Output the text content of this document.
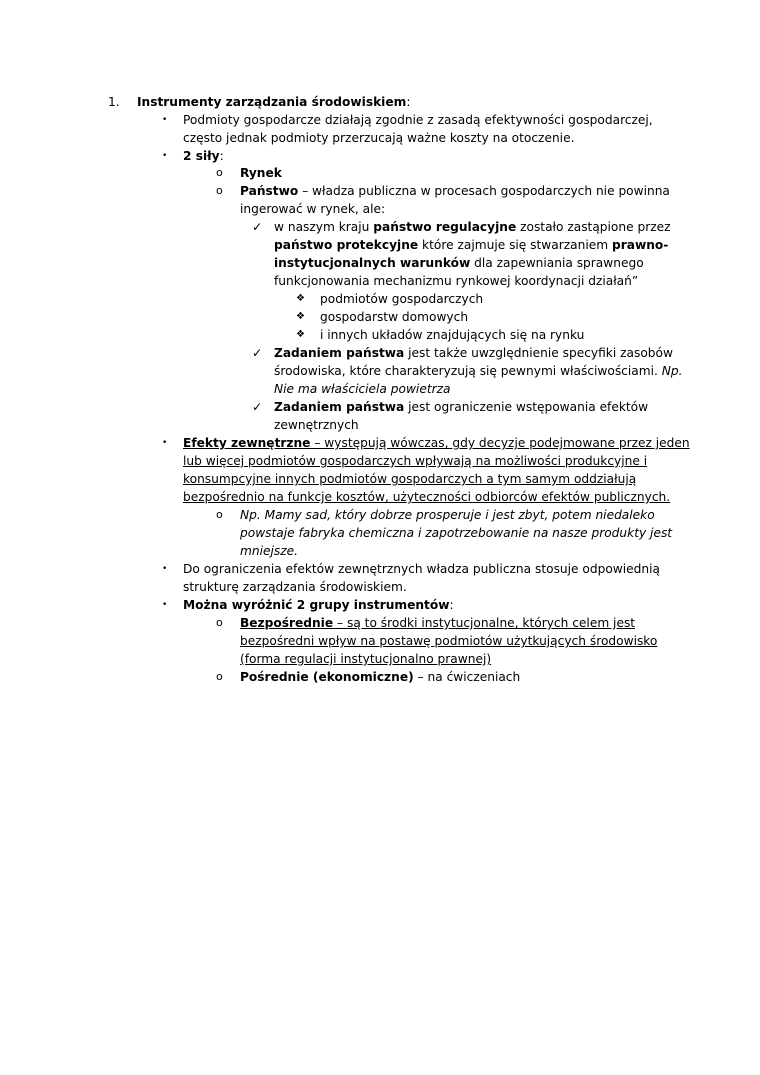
1. Instrumenty zarządzania środowiskiem:
• Podmioty gospodarcze działają zgodnie z zasadą efektywności gospodarczej,
często jednak podmioty przerzucają ważne koszty na otoczenie.
• 2 siły:
o Rynek
o Państwo – władza publiczna w procesach gospodarczych nie powinna
ingerować w rynek, ale:
✓ w naszym kraju państwo regulacyjne zostało zastąpione przez
państwo protekcyjne które zajmuje się stwarzaniem prawno-
instytucjonalnych warunków dla zapewniania sprawnego
funkcjonowania mechanizmu rynkowej koordynacji działań”
❖ podmiotów gospodarczych
❖ gospodarstw domowych
❖ i innych układów znajdujących się na rynku
✓ Zadaniem państwa jest także uwzględnienie specyfiki zasobów
środowiska, które charakteryzują się pewnymi właściwościami. Np.
Nie ma właściciela powietrza
✓ Zadaniem państwa jest ograniczenie wstępowania efektów
zewnętrznych
• Efekty zewnętrzne – występują wówczas, gdy decyzje podejmowane przez jeden
lub więcej podmiotów gospodarczych wpływają na możliwości produkcyjne i
konsumpcyjne innych podmiotów gospodarczych a tym samym oddziałują
bezpośrednio na funkcje kosztów, użyteczności odbiorców efektów publicznych.
o Np. Mamy sad, który dobrze prosperuje i jest zbyt, potem niedaleko
powstaje fabryka chemiczna i zapotrzebowanie na nasze produkty jest
mniejsze.
• Do ograniczenia efektów zewnętrznych władza publiczna stosuje odpowiednią
strukturę zarządzania środowiskiem.
• Można wyróżnić 2 grupy instrumentów:
o Bezpośrednie – są to środki instytucjonalne, których celem jest
bezpośredni wpływ na postawę podmiotów użytkujących środowisko
(forma regulacji instytucjonalno prawnej)
o Pośrednie (ekonomiczne) – na ćwiczeniach
